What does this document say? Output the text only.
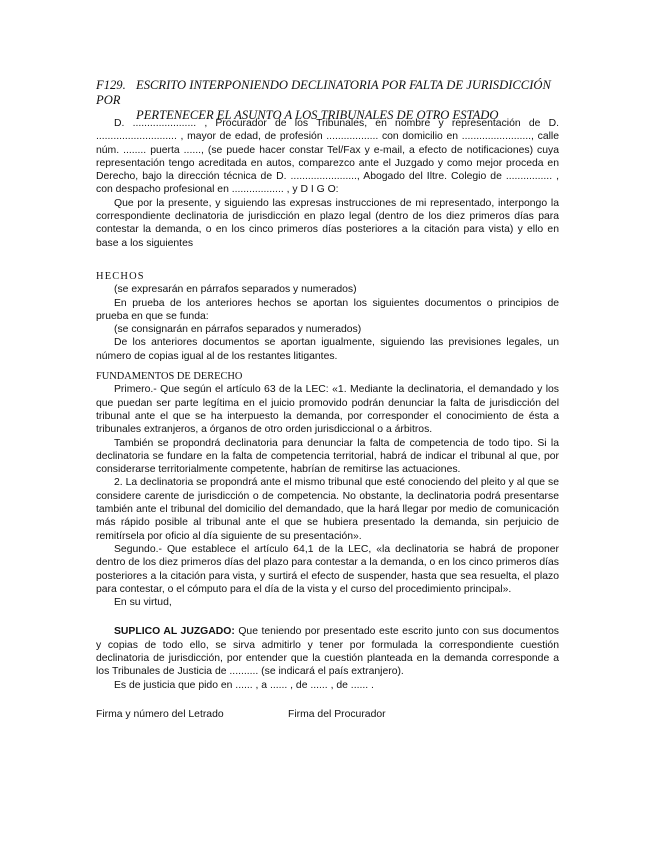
F129. ESCRITO INTERPONIENDO DECLINATORIA POR FALTA DE JURISDICCIÓN POR
PERTENECER EL ASUNTO A LOS TRIBUNALES DE OTRO ESTADO

D. ...................... , Procurador de los Tribunales, en nombre y representación de D. ............................ , mayor de edad, de profesión .................. con domicilio en ........................, calle núm. ........ puerta ......, (se puede hacer constar Tel/Fax y e-mail, a efecto de notificaciones) cuya representación tengo acreditada en autos, comparezco ante el Juzgado y como mejor proceda en Derecho, bajo la dirección técnica de D. ......................., Abogado del Iltre. Colegio de ................ , con despacho profesional en .................. , y D I G O:

Que por la presente, y siguiendo las expresas instrucciones de mi representado, interpongo la correspondiente declinatoria de jurisdicción en plazo legal (dentro de los diez primeros días para contestar la demanda, o en los cinco primeros días posteriores a la citación para vista) y ello en base a los siguientes

HECHOS

(se expresarán en párrafos separados y numerados)

En prueba de los anteriores hechos se aportan los siguientes documentos o principios de prueba en que se funda:

(se consignarán en párrafos separados y numerados)

De los anteriores documentos se aportan igualmente, siguiendo las previsiones legales, un número de copias igual al de los restantes litigantes.

FUNDAMENTOS DE DERECHO

Primero.- Que según el artículo 63 de la LEC: «1. Mediante la declinatoria, el demandado y los que puedan ser parte legítima en el juicio promovido podrán denunciar la falta de jurisdicción del tribunal ante el que se ha interpuesto la demanda, por corresponder el conocimiento de ésta a tribunales extranjeros, a órganos de otro orden jurisdiccional o a árbitros.

También se propondrá declinatoria para denunciar la falta de competencia de todo tipo. Si la declinatoria se fundare en la falta de competencia territorial, habrá de indicar el tribunal al que, por considerarse territorialmente competente, habrían de remitirse las actuaciones.

2. La declinatoria se propondrá ante el mismo tribunal que esté conociendo del pleito y al que se considere carente de jurisdicción o de competencia. No obstante, la declinatoria podrá presentarse también ante el tribunal del domicilio del demandado, que la hará llegar por medio de comunicación más rápido posible al tribunal ante el que se hubiera presentado la demanda, sin perjuicio de remitírsela por oficio al día siguiente de su presentación».

Segundo.- Que establece el artículo 64,1 de la LEC, «la declinatoria se habrá de proponer dentro de los diez primeros días del plazo para contestar a la demanda, o en los cinco primeros días posteriores a la citación para vista, y surtirá el efecto de suspender, hasta que sea resuelta, el plazo para contestar, o el cómputo para el día de la vista y el curso del procedimiento principal».

En su virtud,

SUPLICO AL JUZGADO: Que teniendo por presentado este escrito junto con sus documentos y copias de todo ello, se sirva admitirlo y tener por formulada la correspondiente cuestión declinatoria de jurisdicción, por entender que la cuestión planteada en la demanda corresponde a los Tribunales de Justicia de .......... (se indicará el país extranjero).

Es de justicia que pido en ...... , a ...... , de ...... , de ...... .

Firma y número del Letrado	Firma del Procurador
